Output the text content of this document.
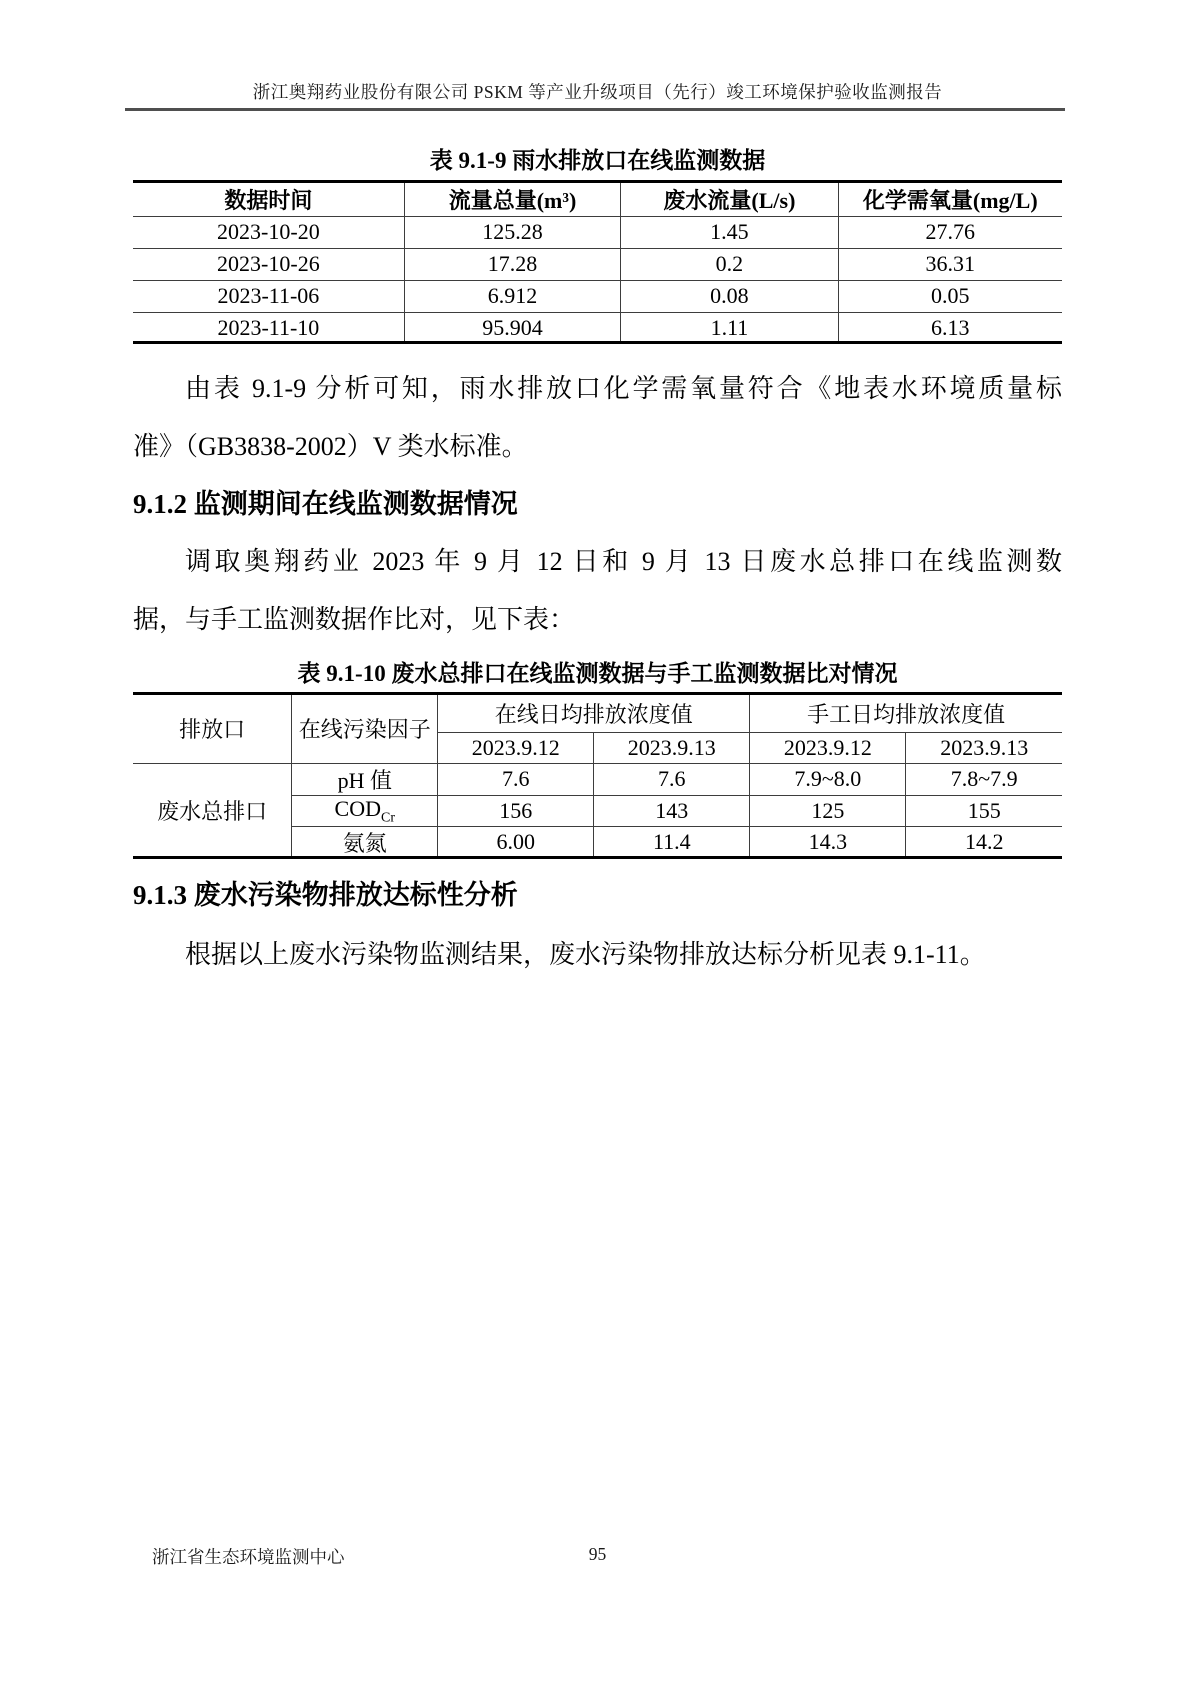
浙江奥翔药业股份有限公司 PSKM 等产业升级项目（先行）竣工环境保护验收监测报告
表 9.1-9 雨水排放口在线监测数据
数据时间	流量总量(m³)	废水流量(L/s)	化学需氧量(mg/L)
2023-10-20	125.28	1.45	27.76
2023-10-26	17.28	0.2	36.31
2023-11-06	6.912	0.08	0.05
2023-11-10	95.904	1.11	6.13
由表 9.1-9 分析可知，雨水排放口化学需氧量符合《地表水环境质量标
准》（GB3838-2002）V 类水标准。
9.1.2 监测期间在线监测数据情况
调取奥翔药业 2023 年 9 月 12 日和 9 月 13 日废水总排口在线监测数
据，与手工监测数据作比对，见下表：
表 9.1-10 废水总排口在线监测数据与手工监测数据比对情况
排放口	在线污染因子	在线日均排放浓度值		手工日均排放浓度值	
		2023.9.12	2023.9.13	2023.9.12	2023.9.13
废水总排口	pH 值	7.6	7.6	7.9~8.0	7.8~7.9
	$COD_{Cr}$	156	143	125	155
	氨氮	6.00	11.4	14.3	14.2
9.1.3 废水污染物排放达标性分析
根据以上废水污染物监测结果，废水污染物排放达标分析见表 9.1-11。
浙江省生态环境监测中心	95
